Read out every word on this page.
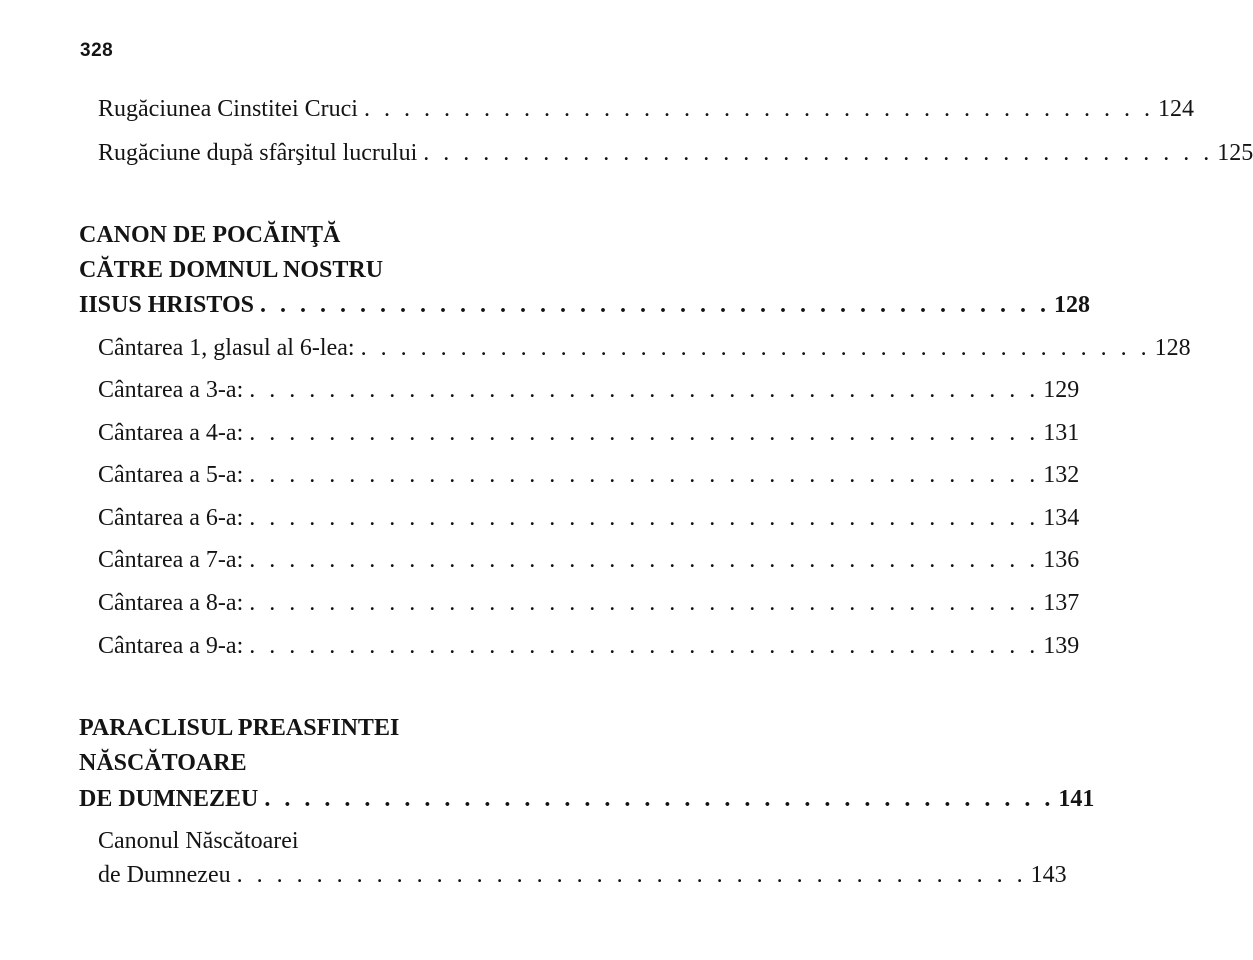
328
Rugăciunea Cinstitei Cruci . . . . . . . . . . . . . . . . . . . . . . . . . . . . . . . . . . . . . . . . 124
Rugăciune după sfârşitul lucrului . . . . . . . . . . . . . . . . . . . . . . . . . . . . . . . . . . . . . . . . 125
CANON DE POCĂINŢĂ
CĂTRE DOMNUL NOSTRU
IISUS HRISTOS . . . . . . . . . . . . . . . . . . . . . . . . . . . . . . . . . . . . . . . . 128
Cântarea 1, glasul al 6-lea: . . . . . . . . . . . . . . . . . . . . . . . . . . . . . . . . . . . . . . . . 128
Cântarea a 3-a: . . . . . . . . . . . . . . . . . . . . . . . . . . . . . . . . . . . . . . . . 129
Cântarea a 4-a: . . . . . . . . . . . . . . . . . . . . . . . . . . . . . . . . . . . . . . . . 131
Cântarea a 5-a: . . . . . . . . . . . . . . . . . . . . . . . . . . . . . . . . . . . . . . . . 132
Cântarea a 6-a: . . . . . . . . . . . . . . . . . . . . . . . . . . . . . . . . . . . . . . . . 134
Cântarea a 7-a: . . . . . . . . . . . . . . . . . . . . . . . . . . . . . . . . . . . . . . . . 136
Cântarea a 8-a: . . . . . . . . . . . . . . . . . . . . . . . . . . . . . . . . . . . . . . . . 137
Cântarea a 9-a: . . . . . . . . . . . . . . . . . . . . . . . . . . . . . . . . . . . . . . . . 139
PARACLISUL PREASFINTEI
NĂSCĂTOARE
DE DUMNEZEU . . . . . . . . . . . . . . . . . . . . . . . . . . . . . . . . . . . . . . . . 141
Canonul Născătoarei
de Dumnezeu . . . . . . . . . . . . . . . . . . . . . . . . . . . . . . . . . . . . . . . . 143
